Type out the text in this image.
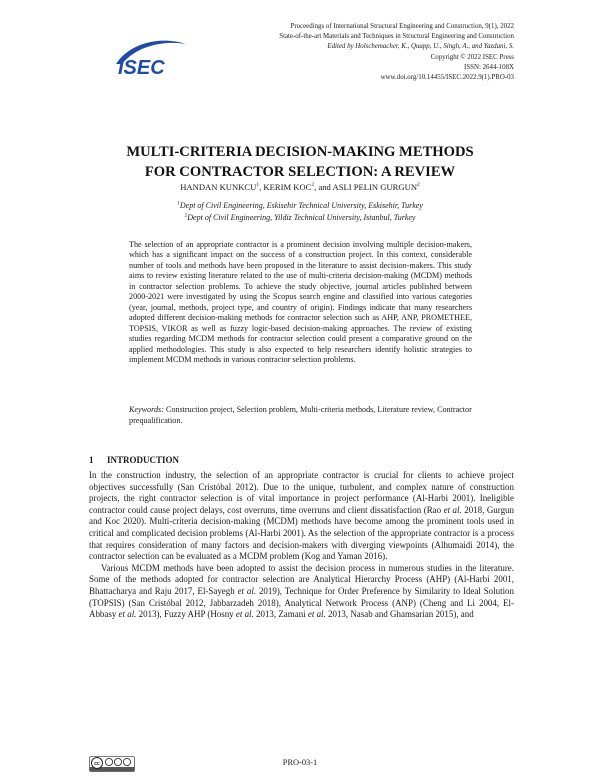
ISEC
Proceedings of International Structural Engineering and Construction, 9(1), 2022
State-of-the-art Materials and Techniques in Structural Engineering and Construction
Edited by Holschemacher, K., Quapp, U., Singh, A., and Yazdani, S.
Copyright © 2022 ISEC Press
ISSN: 2644-108X
www.doi.org/10.14455/ISEC.2022.9(1).PRO-03
MULTI-CRITERIA DECISION-MAKING METHODS
FOR CONTRACTOR SELECTION: A REVIEW
HANDAN KUNKCU$^1$, KERIM KOC$^2$, and ASLI PELIN GURGUN$^2$
$^1$Dept of Civil Engineering, Eskisehir Technical University, Eskisehir, Turkey
$^2$Dept of Civil Engineering, Yildiz Technical University, Istanbul, Turkey
The selection of an appropriate contractor is a prominent decision involving multiple decision-makers, which has a significant impact on the success of a construction project. In this context, considerable number of tools and methods have been proposed in the literature to assist decision-makers. This study aims to review existing literature related to the use of multi-criteria decision-making (MCDM) methods in contractor selection problems. To achieve the study objective, journal articles published between 2000-2021 were investigated by using the Scopus search engine and classified into various categories (year, journal, methods, project type, and country of origin). Findings indicate that many researchers adopted different decision-making methods for contractor selection such as AHP, ANP, PROMETHEE, TOPSIS, VIKOR as well as fuzzy logic-based decision-making approaches. The review of existing studies regarding MCDM methods for contractor selection could present a comparative ground on the applied methodologies. This study is also expected to help researchers identify holistic strategies to implement MCDM methods in various contractor selection problems.
Keywords: Construction project, Selection problem, Multi-criteria methods, Literature review, Contractor prequalification.
1 INTRODUCTION

In the construction industry, the selection of an appropriate contractor is crucial for clients to achieve project objectives successfully (San Cristóbal 2012). Due to the unique, turbulent, and complex nature of construction projects, the right contractor selection is of vital importance in project performance (Al-Harbi 2001). Ineligible contractor could cause project delays, cost overruns, time overruns and client dissatisfaction (Rao et al. 2018, Gurgun and Koc 2020). Multi-criteria decision-making (MCDM) methods have become among the prominent tools used in critical and complicated decision problems (Al-Harbi 2001). As the selection of the appropriate contractor is a process that requires consideration of many factors and decision-makers with diverging viewpoints (Alhumaidi 2014), the contractor selection can be evaluated as a MCDM problem (Kog and Yaman 2016).

Various MCDM methods have been adopted to assist the decision process in numerous studies in the literature. Some of the methods adopted for contractor selection are Analytical Hierarchy Process (AHP) (Al-Harbi 2001, Bhattacharya and Raju 2017, El-Sayegh et al. 2019), Technique for Order Preference by Similarity to Ideal Solution (TOPSIS) (San Cristóbal 2012, Jabbarzadeh 2018), Analytical Network Process (ANP) (Cheng and Li 2004, El-Abbasy et al. 2013), Fuzzy AHP (Hosny et al. 2013, Zamani et al. 2013, Nasab and Ghamsarian 2015), and

cc	PRO-03-1
